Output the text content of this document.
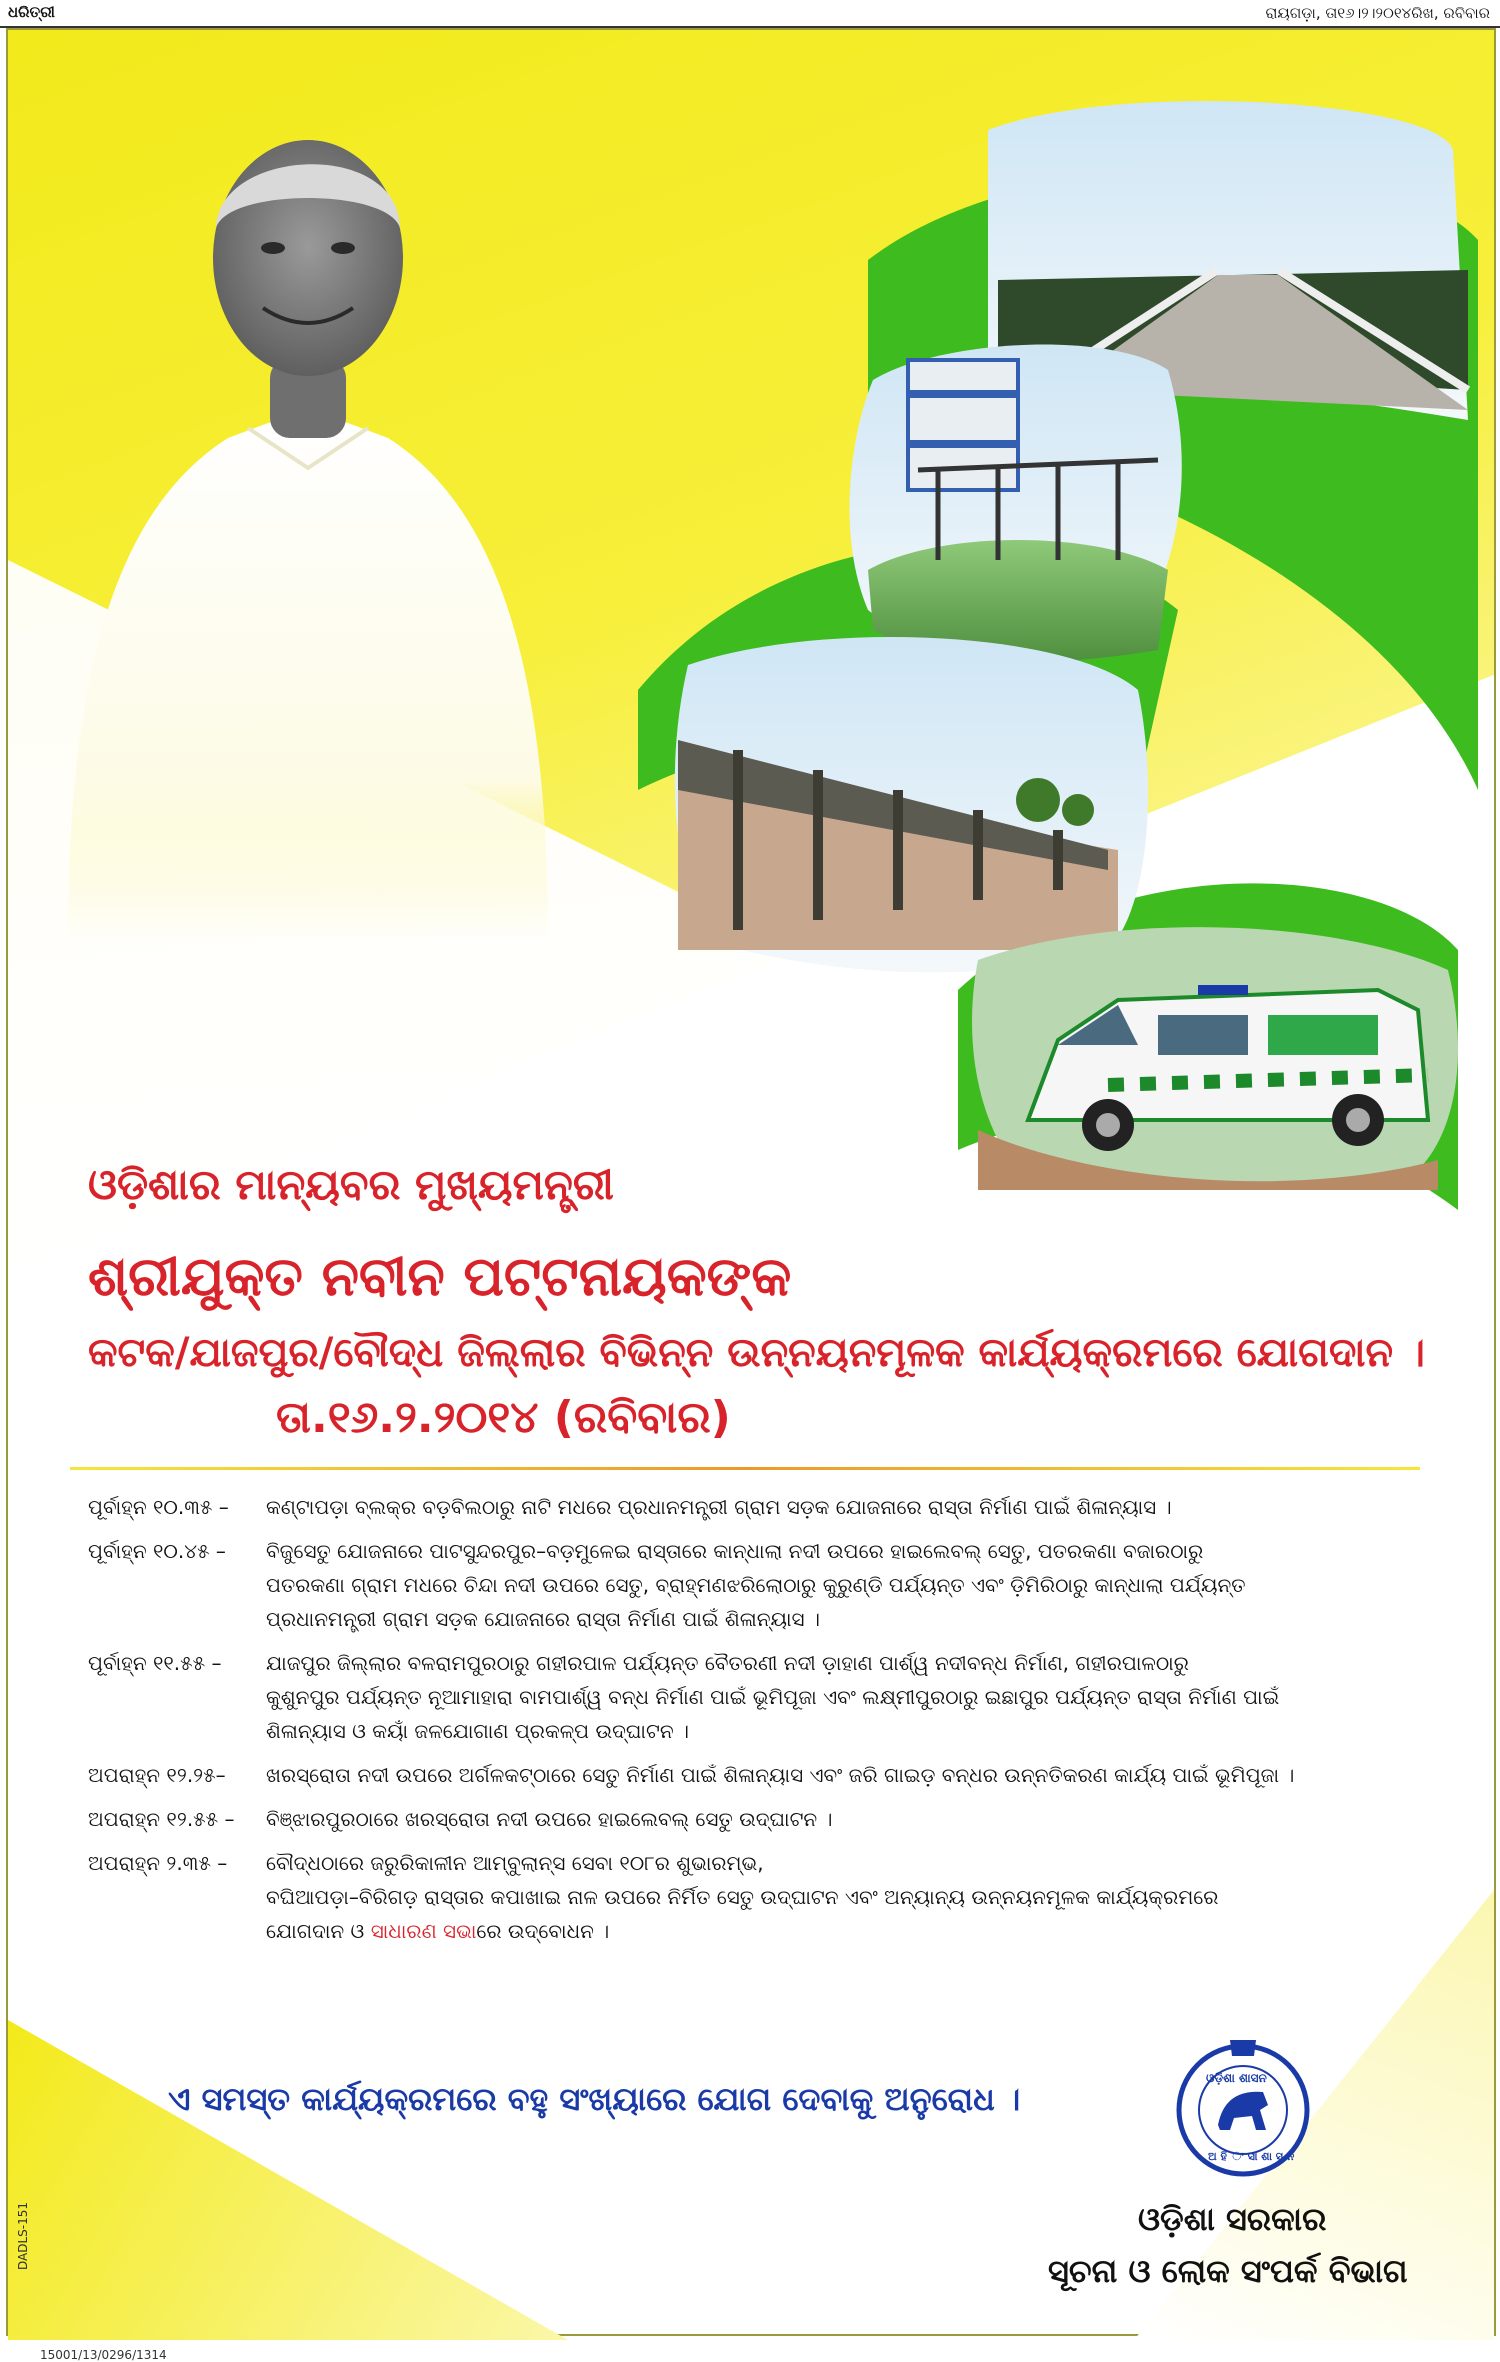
ଧରିତ୍ରୀ	ରାୟଗଡ଼ା, ତା୧୬।୨।୨୦୧୪ରିଖ, ରବିବାର
ଓଡ଼ିଶାର ମାନ୍ୟବର ମୁଖ୍ୟମନ୍ତ୍ରୀ
ଶ୍ରୀଯୁକ୍ତ ନବୀନ ପଟ୍ଟନାୟକଙ୍କ
କଟକ/ଯାଜପୁର/ବୌଦ୍ଧ ଜିଲ୍ଲାର ବିଭିନ୍ନ ଉନ୍ନୟନମୂଳକ କାର୍ଯ୍ୟକ୍ରମରେ ଯୋଗଦାନ ।
ତା.୧୬.୨.୨୦୧୪ (ରବିବାର)
ପୂର୍ବାହ୍ନ ୧୦.୩୫ –	କଣ୍ଟାପଡ଼ା ବ୍ଲକ୍‌ର ବଡ଼ବିଲଠାରୁ ନାଟି ମଧରେ ପ୍ରଧାନମନ୍ତ୍ରୀ ଗ୍ରାମ ସଡ଼କ ଯୋଜନାରେ ରାସ୍ତା ନିର୍ମାଣ ପାଇଁ ଶିଳାନ୍ୟାସ ।
ପୂର୍ବାହ୍ନ ୧୦.୪୫ –	ବିଜୁସେତୁ ଯୋଜନାରେ ପାଟସୁନ୍ଦରପୁର–ବଡ଼ମୁଳେଇ ରାସ୍ତାରେ କାନ୍ଧାଲା ନଦୀ ଉପରେ ହାଇଲେବଲ୍ ସେତୁ, ପତରକଣା ବଜାରଠାରୁ
ପତରକଣା ଗ୍ରାମ ମଧରେ ଚିନ୍ଦା ନଦୀ ଉପରେ ସେତୁ, ବ୍ରାହ୍ମଣଝରିଲୋଠାରୁ କୁରୁଣ୍ଡି ପର୍ଯ୍ୟନ୍ତ ଏବଂ ଡ଼ିମିରିଠାରୁ କାନ୍ଧାଲା ପର୍ଯ୍ୟନ୍ତ
ପ୍ରଧାନମନ୍ତ୍ରୀ ଗ୍ରାମ ସଡ଼କ ଯୋଜନାରେ ରାସ୍ତା ନିର୍ମାଣ ପାଇଁ ଶିଳାନ୍ୟାସ ।
ପୂର୍ବାହ୍ନ ୧୧.୫୫ –	ଯାଜପୁର ଜିଲ୍ଲାର ବଳରାମପୁରଠାରୁ ଗହୀରପାଳ ପର୍ଯ୍ୟନ୍ତ ବୈତରଣୀ ନଦୀ ଡ଼ାହାଣ ପାର୍ଶ୍ୱ ନଦୀବନ୍ଧ ନିର୍ମାଣ, ଗହୀରପାଳଠାରୁ
କୁଶୁନପୁର ପର୍ଯ୍ୟନ୍ତ ନୂଆମାହାରା ବାମପାର୍ଶ୍ୱ ବନ୍ଧ ନିର୍ମାଣ ପାଇଁ ଭୂମିପୂଜା ଏବଂ ଲକ୍ଷ୍ମୀପୁରଠାରୁ ଇଛାପୁର ପର୍ଯ୍ୟନ୍ତ ରାସ୍ତା ନିର୍ମାଣ ପାଇଁ
ଶିଳାନ୍ୟାସ ଓ କୟାଁ ଜଳଯୋଗାଣ ପ୍ରକଳ୍ପ ଉଦ୍‌ଘାଟନ ।
ଅପରାହ୍ନ ୧୨.୨୫–	ଖରସ୍ରୋତା ନଦୀ ଉପରେ ଅର୍ଗଳକଟ୍ଠାରେ ସେତୁ ନିର୍ମାଣ ପାଇଁ ଶିଳାନ୍ୟାସ ଏବଂ ଜରି ଗାଇଡ଼ ବନ୍ଧର ଉନ୍ନତିକରଣ କାର୍ଯ୍ୟ ପାଇଁ ଭୂମିପୂଜା ।
ଅପରାହ୍ନ ୧୨.୫୫ –	ବିଞ୍ଝାରପୁରଠାରେ ଖରସ୍ରୋତା ନଦୀ ଉପରେ ହାଇଲେବଲ୍ ସେତୁ ଉଦ୍‌ଘାଟନ ।
ଅପରାହ୍ନ ୨.୩୫ –	ବୌଦ୍ଧଠାରେ ଜରୁରିକାଳୀନ ଆମ୍ବୁଲାନ୍ସ ସେବା ୧୦୮ର ଶୁଭାରମ୍ଭ,
ବଘିଆପଡ଼ା–ବିରିଗଡ଼ ରାସ୍ତାର କପାଖାଇ ନାଳ ଉପରେ ନିର୍ମିତ ସେତୁ ଉଦ୍‌ଘାଟନ ଏବଂ ଅନ୍ୟାନ୍ୟ ଉନ୍ନୟନମୂଳକ କାର୍ଯ୍ୟକ୍ରମରେ
ଯୋଗଦାନ ଓ ସାଧାରଣ ସଭାରେ ଉଦ୍‌ବୋଧନ ।
ଏ ସମସ୍ତ କାର୍ଯ୍ୟକ୍ରମରେ ବହୁ ସଂଖ୍ୟାରେ ଯୋଗ ଦେବାକୁ ଅନୁରୋଧ ।
ଓଡ଼ିଶା ଶାସନ
ଅ ହି ଂ ସା ଶା ସ ନ
ଓଡ଼ିଶା ସରକାର
ସୂଚନା ଓ ଲୋକ ସଂପର୍କ ବିଭାଗ
DADLS-151
15001/13/0296/1314
